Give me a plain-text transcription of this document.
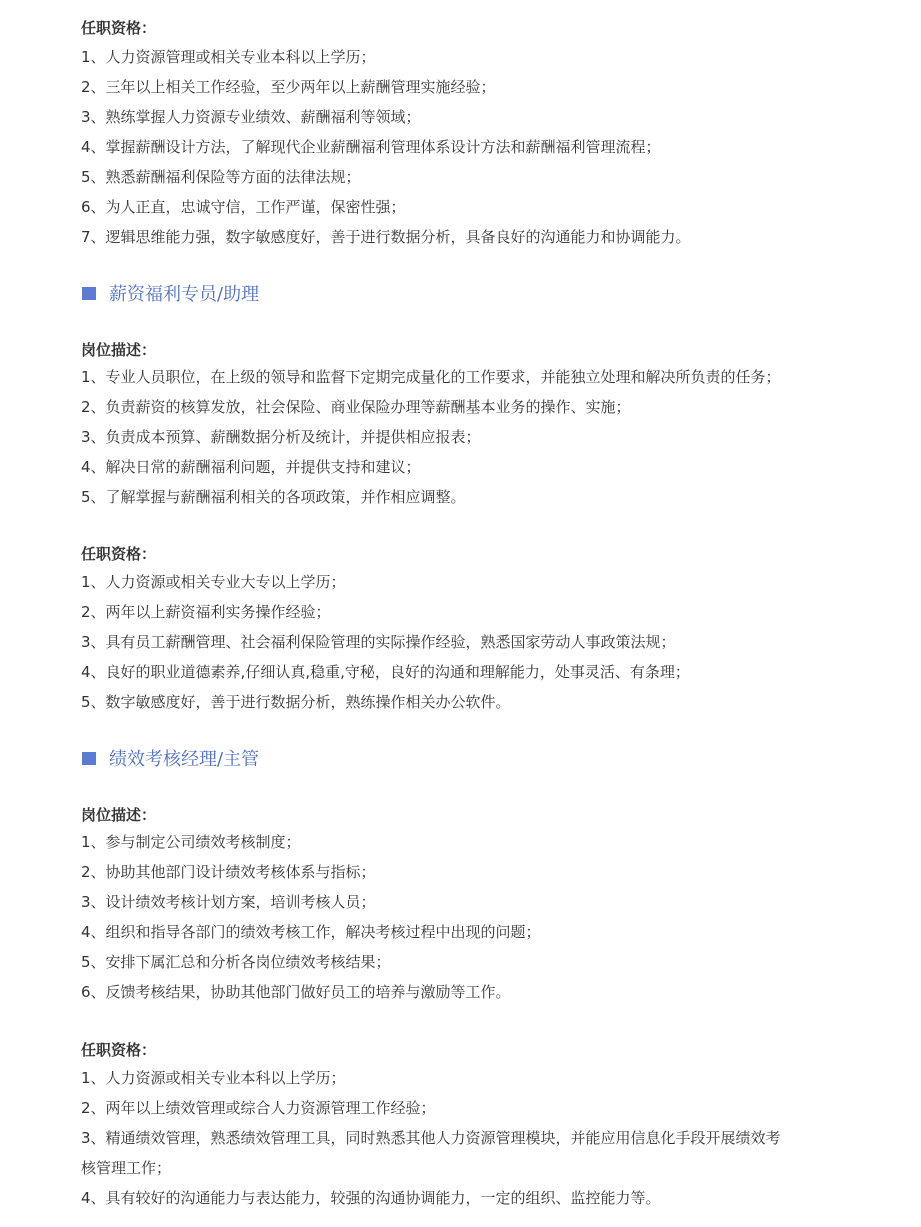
任职资格：
1、人力资源管理或相关专业本科以上学历；
2、三年以上相关工作经验，至少两年以上薪酬管理实施经验；
3、熟练掌握人力资源专业绩效、薪酬福利等领域；
4、掌握薪酬设计方法，了解现代企业薪酬福利管理体系设计方法和薪酬福利管理流程；
5、熟悉薪酬福利保险等方面的法律法规；
6、为人正直，忠诚守信，工作严谨，保密性强；
7、逻辑思维能力强，数字敏感度好，善于进行数据分析，具备良好的沟通能力和协调能力。
薪资福利专员/助理
岗位描述：
1、专业人员职位，在上级的领导和监督下定期完成量化的工作要求，并能独立处理和解决所负责的任务；
2、负责薪资的核算发放，社会保险、商业保险办理等薪酬基本业务的操作、实施；
3、负责成本预算、薪酬数据分析及统计，并提供相应报表；
4、解决日常的薪酬福利问题，并提供支持和建议；
5、了解掌握与薪酬福利相关的各项政策，并作相应调整。
任职资格：
1、人力资源或相关专业大专以上学历；
2、两年以上薪资福利实务操作经验；
3、具有员工薪酬管理、社会福利保险管理的实际操作经验，熟悉国家劳动人事政策法规；
4、良好的职业道德素养,仔细认真,稳重,守秘，良好的沟通和理解能力，处事灵活、有条理；
5、数字敏感度好，善于进行数据分析，熟练操作相关办公软件。
绩效考核经理/主管
岗位描述：
1、参与制定公司绩效考核制度；
2、协助其他部门设计绩效考核体系与指标；
3、设计绩效考核计划方案，培训考核人员；
4、组织和指导各部门的绩效考核工作，解决考核过程中出现的问题；
5、安排下属汇总和分析各岗位绩效考核结果；
6、反馈考核结果，协助其他部门做好员工的培养与激励等工作。
任职资格：
1、人力资源或相关专业本科以上学历；
2、两年以上绩效管理或综合人力资源管理工作经验；
3、精通绩效管理，熟悉绩效管理工具，同时熟悉其他人力资源管理模块，并能应用信息化手段开展绩效考
核管理工作；
4、具有较好的沟通能力与表达能力，较强的沟通协调能力，一定的组织、监控能力等。
